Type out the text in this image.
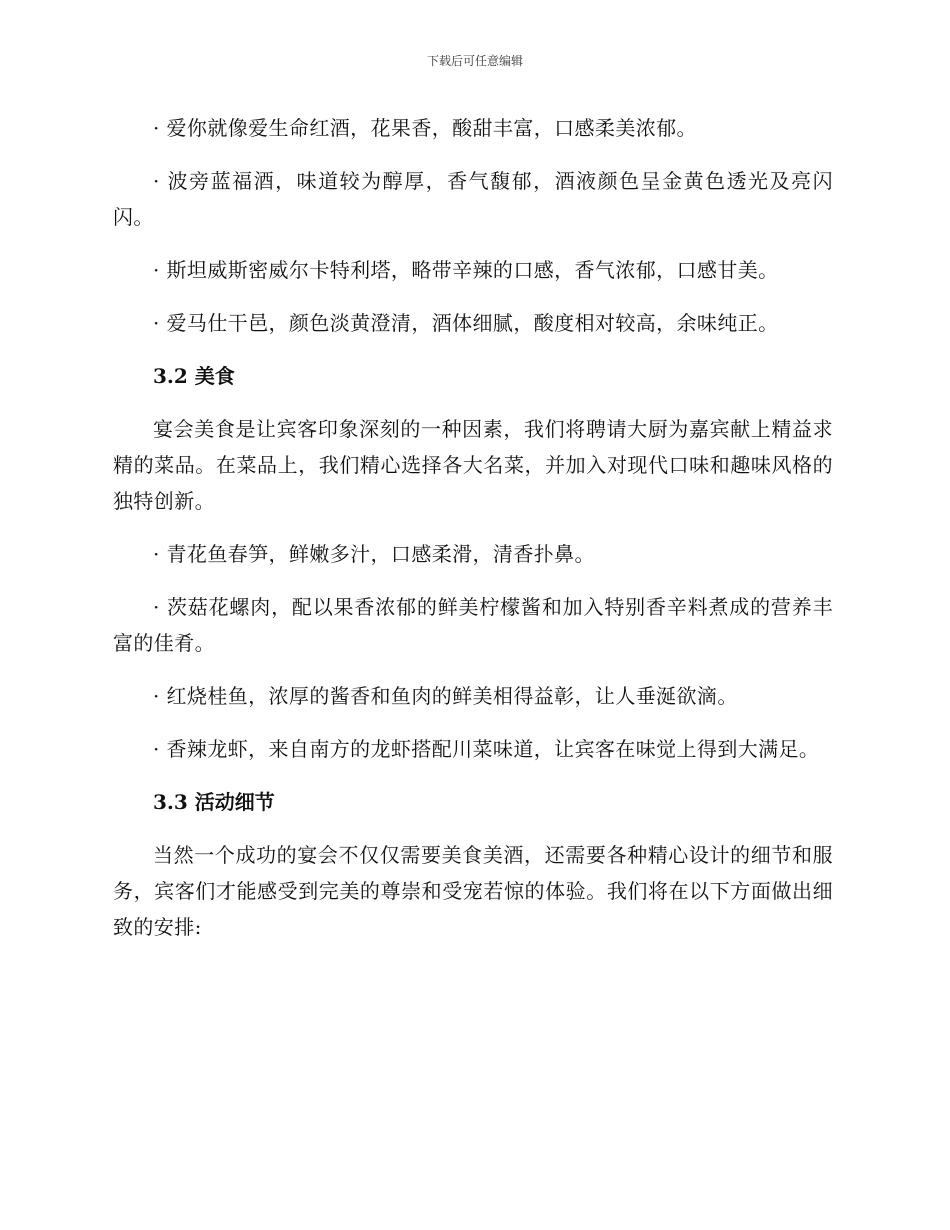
下载后可任意编辑

· 爱你就像爱生命红酒，花果香，酸甜丰富，口感柔美浓郁。

· 波旁蓝福酒，味道较为醇厚，香气馥郁，酒液颜色呈金黄色透光及亮闪闪。

· 斯坦威斯密威尔卡特利塔，略带辛辣的口感，香气浓郁，口感甘美。

· 爱马仕干邑，颜色淡黄澄清，酒体细腻，酸度相对较高，余味纯正。

3.2 美食

宴会美食是让宾客印象深刻的一种因素，我们将聘请大厨为嘉宾献上精益求精的菜品。在菜品上，我们精心选择各大名菜，并加入对现代口味和趣味风格的独特创新。

· 青花鱼春笋，鲜嫩多汁，口感柔滑，清香扑鼻。

· 茨菇花螺肉，配以果香浓郁的鲜美柠檬酱和加入特别香辛料煮成的营养丰富的佳肴。

· 红烧桂鱼，浓厚的酱香和鱼肉的鲜美相得益彰，让人垂涎欲滴。

· 香辣龙虾，来自南方的龙虾搭配川菜味道，让宾客在味觉上得到大满足。

3.3 活动细节

当然一个成功的宴会不仅仅需要美食美酒，还需要各种精心设计的细节和服务，宾客们才能感受到完美的尊崇和受宠若惊的体验。我们将在以下方面做出细致的安排:
